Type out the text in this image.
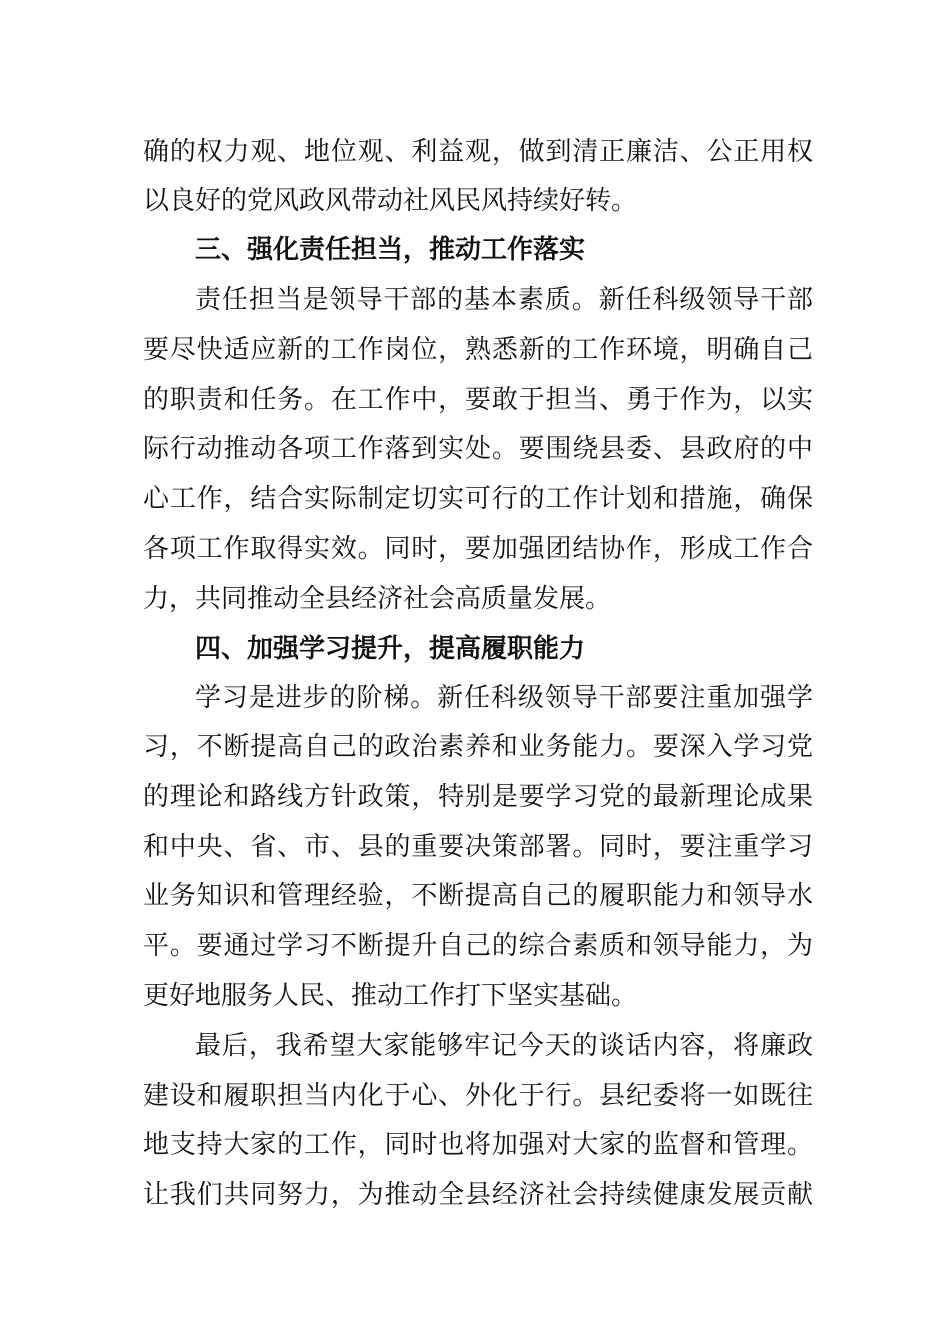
确的权力观、地位观、利益观，做到清正廉洁、公正用权
以良好的党风政风带动社风民风持续好转。
三、强化责任担当，推动工作落实
责任担当是领导干部的基本素质。新任科级领导干部
要尽快适应新的工作岗位，熟悉新的工作环境，明确自己
的职责和任务。在工作中，要敢于担当、勇于作为，以实
际行动推动各项工作落到实处。要围绕县委、县政府的中
心工作，结合实际制定切实可行的工作计划和措施，确保
各项工作取得实效。同时，要加强团结协作，形成工作合
力，共同推动全县经济社会高质量发展。
四、加强学习提升，提高履职能力
学习是进步的阶梯。新任科级领导干部要注重加强学
习，不断提高自己的政治素养和业务能力。要深入学习党
的理论和路线方针政策，特别是要学习党的最新理论成果
和中央、省、市、县的重要决策部署。同时，要注重学习
业务知识和管理经验，不断提高自己的履职能力和领导水
平。要通过学习不断提升自己的综合素质和领导能力，为
更好地服务人民、推动工作打下坚实基础。
最后，我希望大家能够牢记今天的谈话内容，将廉政
建设和履职担当内化于心、外化于行。县纪委将一如既往
地支持大家的工作，同时也将加强对大家的监督和管理。
让我们共同努力，为推动全县经济社会持续健康发展贡献
